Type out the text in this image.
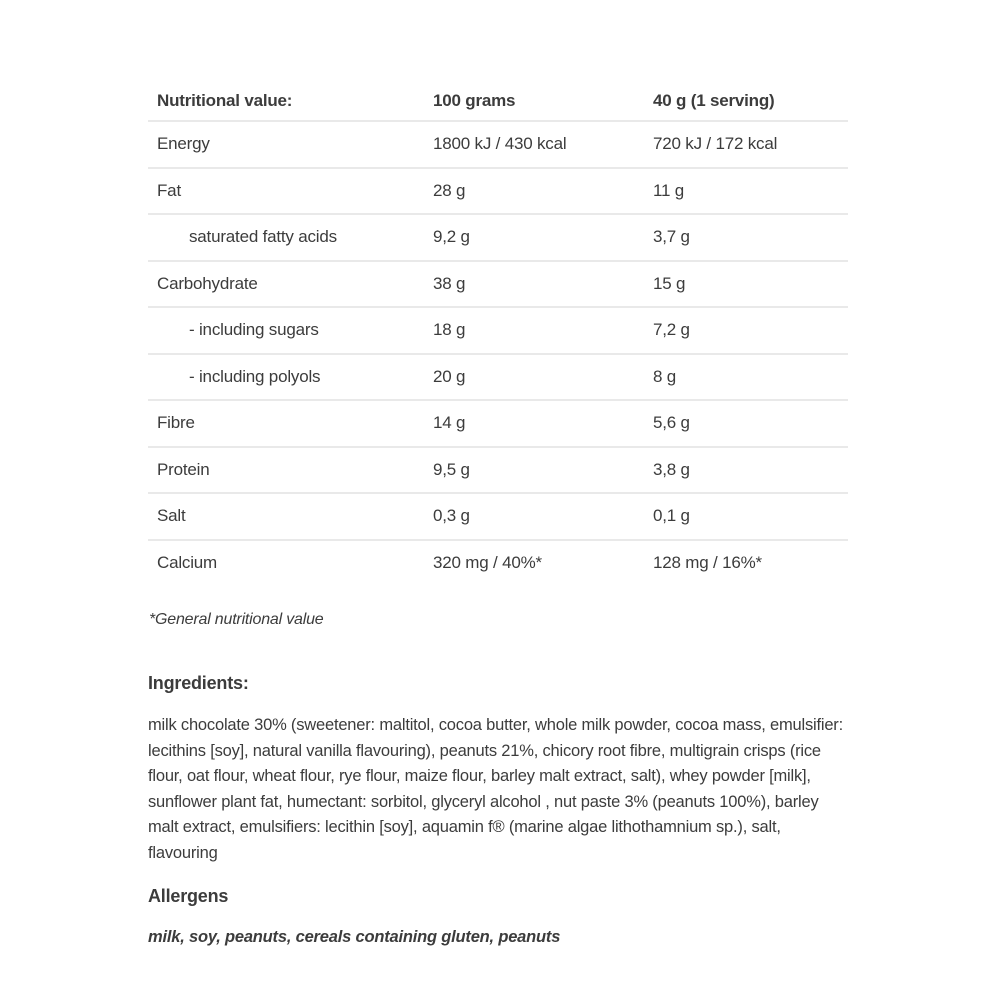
Nutritional value:	100 grams	40 g (1 serving)
Energy	1800 kJ / 430 kcal	720 kJ / 172 kcal
Fat	28 g	11 g
saturated fatty acids	9,2 g	3,7 g
Carbohydrate	38 g	15 g
- including sugars	18 g	7,2 g
- including polyols	20 g	8 g
Fibre	14 g	5,6 g
Protein	9,5 g	3,8 g
Salt	0,3 g	0,1 g
Calcium	320 mg / 40%*	128 mg / 16%*
*General nutritional value
Ingredients:

milk chocolate 30% (sweetener: maltitol, cocoa butter, whole milk powder, cocoa mass, emulsifier: lecithins [soy], natural vanilla flavouring), peanuts 21%, chicory root fibre, multigrain crisps (rice flour, oat flour, wheat flour, rye flour, maize flour, barley malt extract, salt), whey powder [milk], sunflower plant fat, humectant: sorbitol, glyceryl alcohol , nut paste 3% (peanuts 100%), barley malt extract, emulsifiers: lecithin [soy], aquamin f® (marine algae lithothamnium sp.), salt, flavouring

Allergens

milk, soy, peanuts, cereals containing gluten, peanuts
